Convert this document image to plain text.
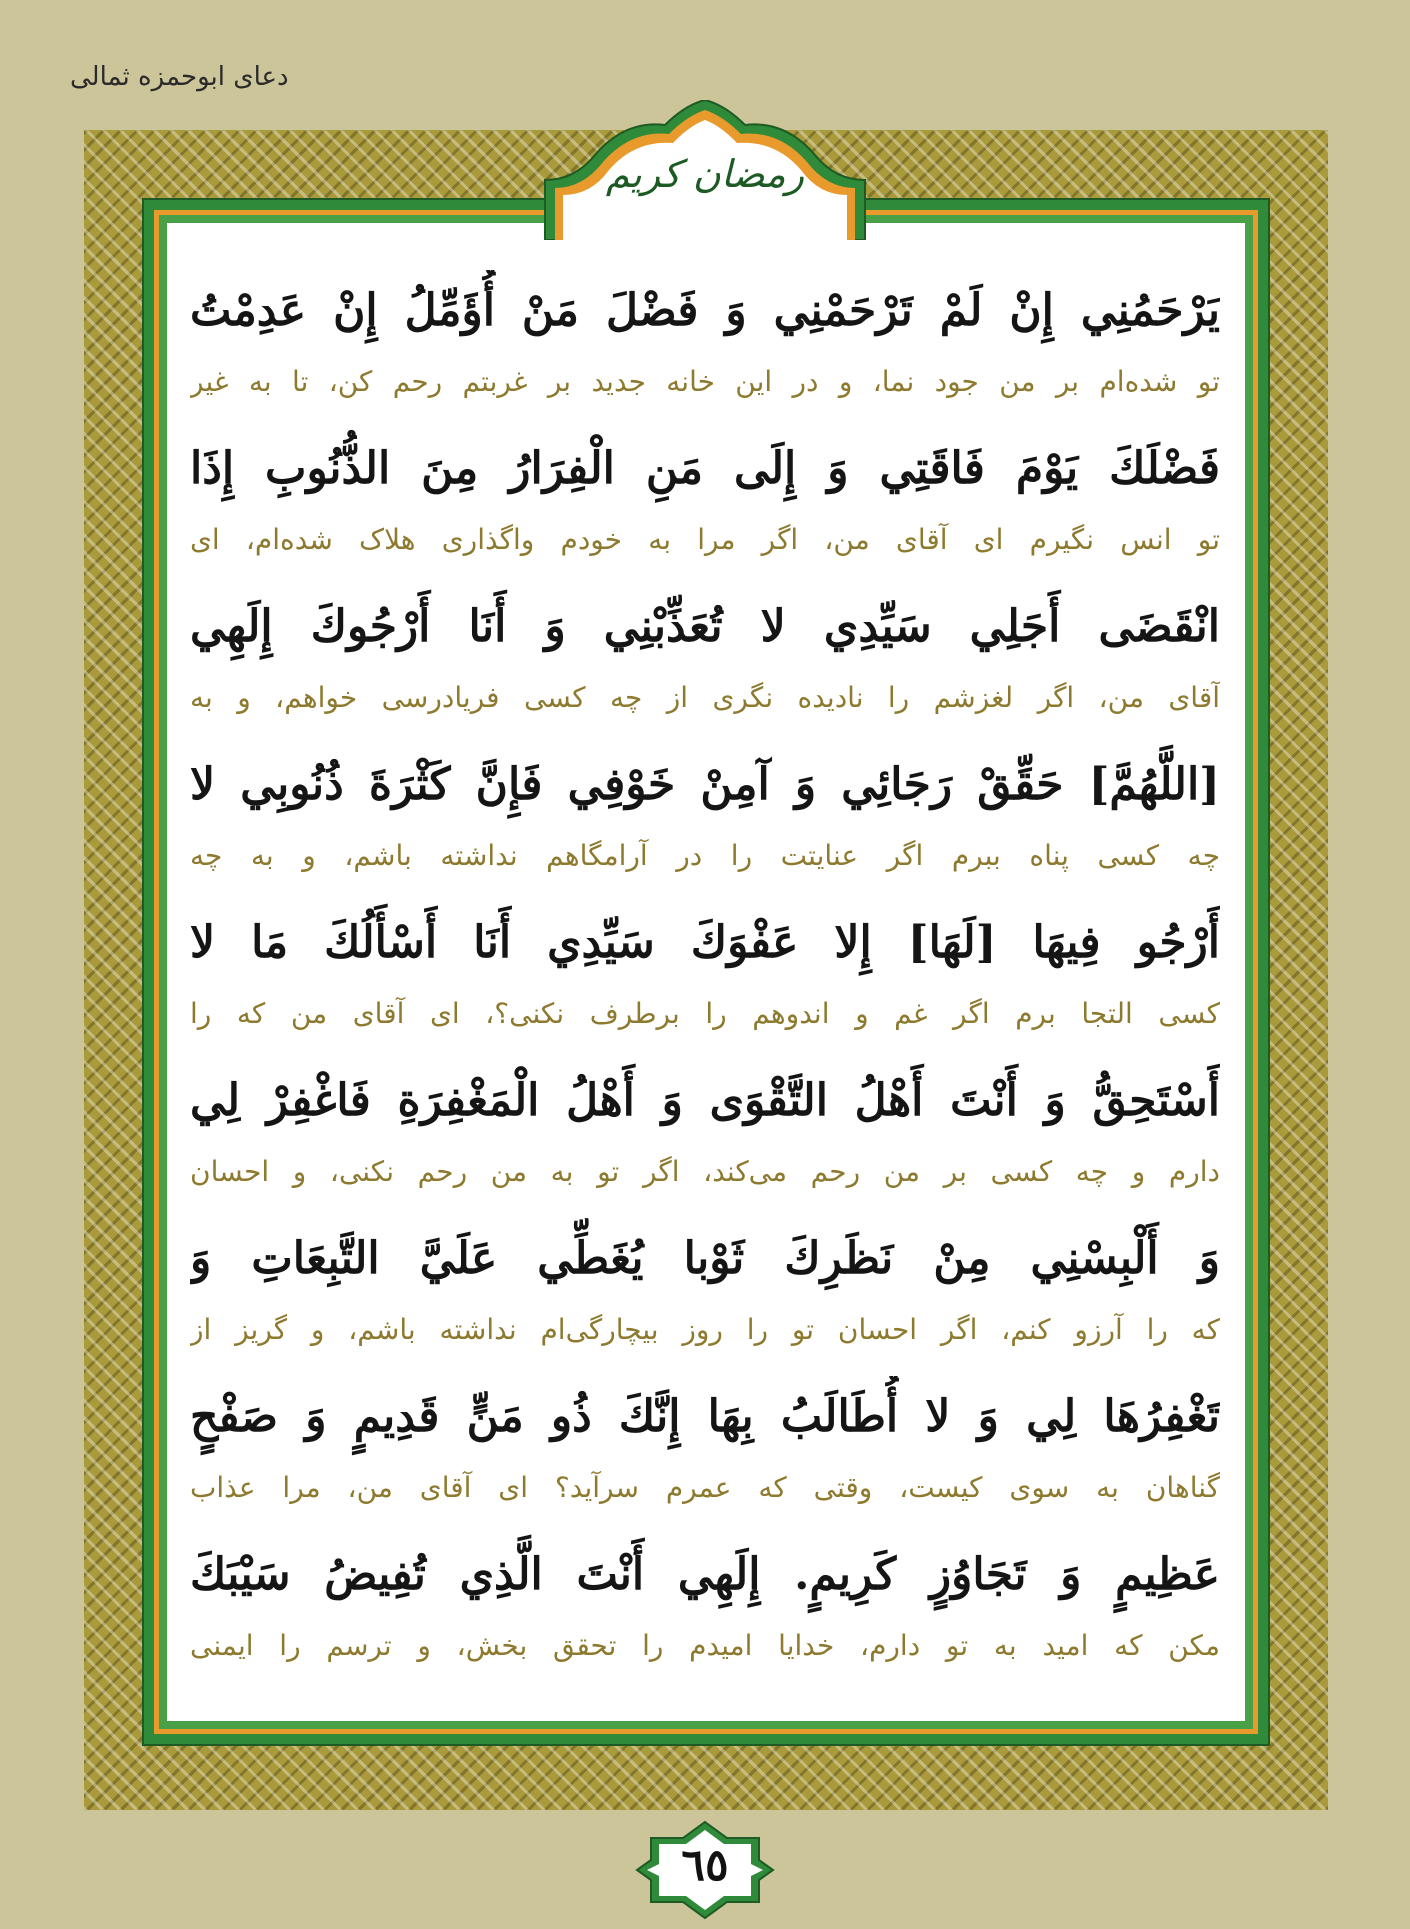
دعای ابوحمزه ثمالی
رمضان کریم
يَرْحَمُنِي إِنْ لَمْ تَرْحَمْنِي وَ فَضْلَ مَنْ أُؤَمِّلُ إِنْ عَدِمْتُ
تو شده‌ام بر من جود نما، و در این خانه جدید بر غربتم رحم کن، تا به غیر
فَضْلَكَ يَوْمَ فَاقَتِي وَ إِلَى مَنِ الْفِرَارُ مِنَ الذُّنُوبِ إِذَا
تو انس نگیرم ای آقای من، اگر مرا به خودم واگذاری هلاک شده‌ام، ای
انْقَضَى أَجَلِي سَيِّدِي لا تُعَذِّبْنِي وَ أَنَا أَرْجُوكَ إِلَهِي
آقای من، اگر لغزشم را نادیده نگری از چه کسی فریادرسی خواهم، و به
[اللَّهُمَّ] حَقِّقْ رَجَائِي وَ آمِنْ خَوْفِي فَإِنَّ كَثْرَةَ ذُنُوبِي لا
چه کسی پناه ببرم اگر عنایتت را در آرامگاهم نداشته باشم، و به چه
أَرْجُو فِيهَا [لَهَا] إِلا عَفْوَكَ سَيِّدِي أَنَا أَسْأَلُكَ مَا لا
کسی التجا برم اگر غم و اندوهم را برطرف نکنی؟، ای آقای من که را
أَسْتَحِقُّ وَ أَنْتَ أَهْلُ التَّقْوَى وَ أَهْلُ الْمَغْفِرَةِ فَاغْفِرْ لِي
دارم و چه کسی بر من رحم می‌کند، اگر تو به من رحم نکنی، و احسان
وَ أَلْبِسْنِي مِنْ نَظَرِكَ ثَوْبا يُغَطِّي عَلَيَّ التَّبِعَاتِ وَ
که را آرزو کنم، اگر احسان تو را روز بیچارگی‌ام نداشته باشم، و گریز از
تَغْفِرُهَا لِي وَ لا أُطَالَبُ بِهَا إِنَّكَ ذُو مَنٍّ قَدِيمٍ وَ صَفْحٍ
گناهان به سوی کیست، وقتی که عمرم سرآید؟ ای آقای من، مرا عذاب
عَظِيمٍ وَ تَجَاوُزٍ كَرِيمٍ. إِلَهِي أَنْتَ الَّذِي تُفِيضُ سَيْبَكَ
مکن که امید به تو دارم، خدایا امیدم را تحقق بخش، و ترسم را ایمنی
٦٥
